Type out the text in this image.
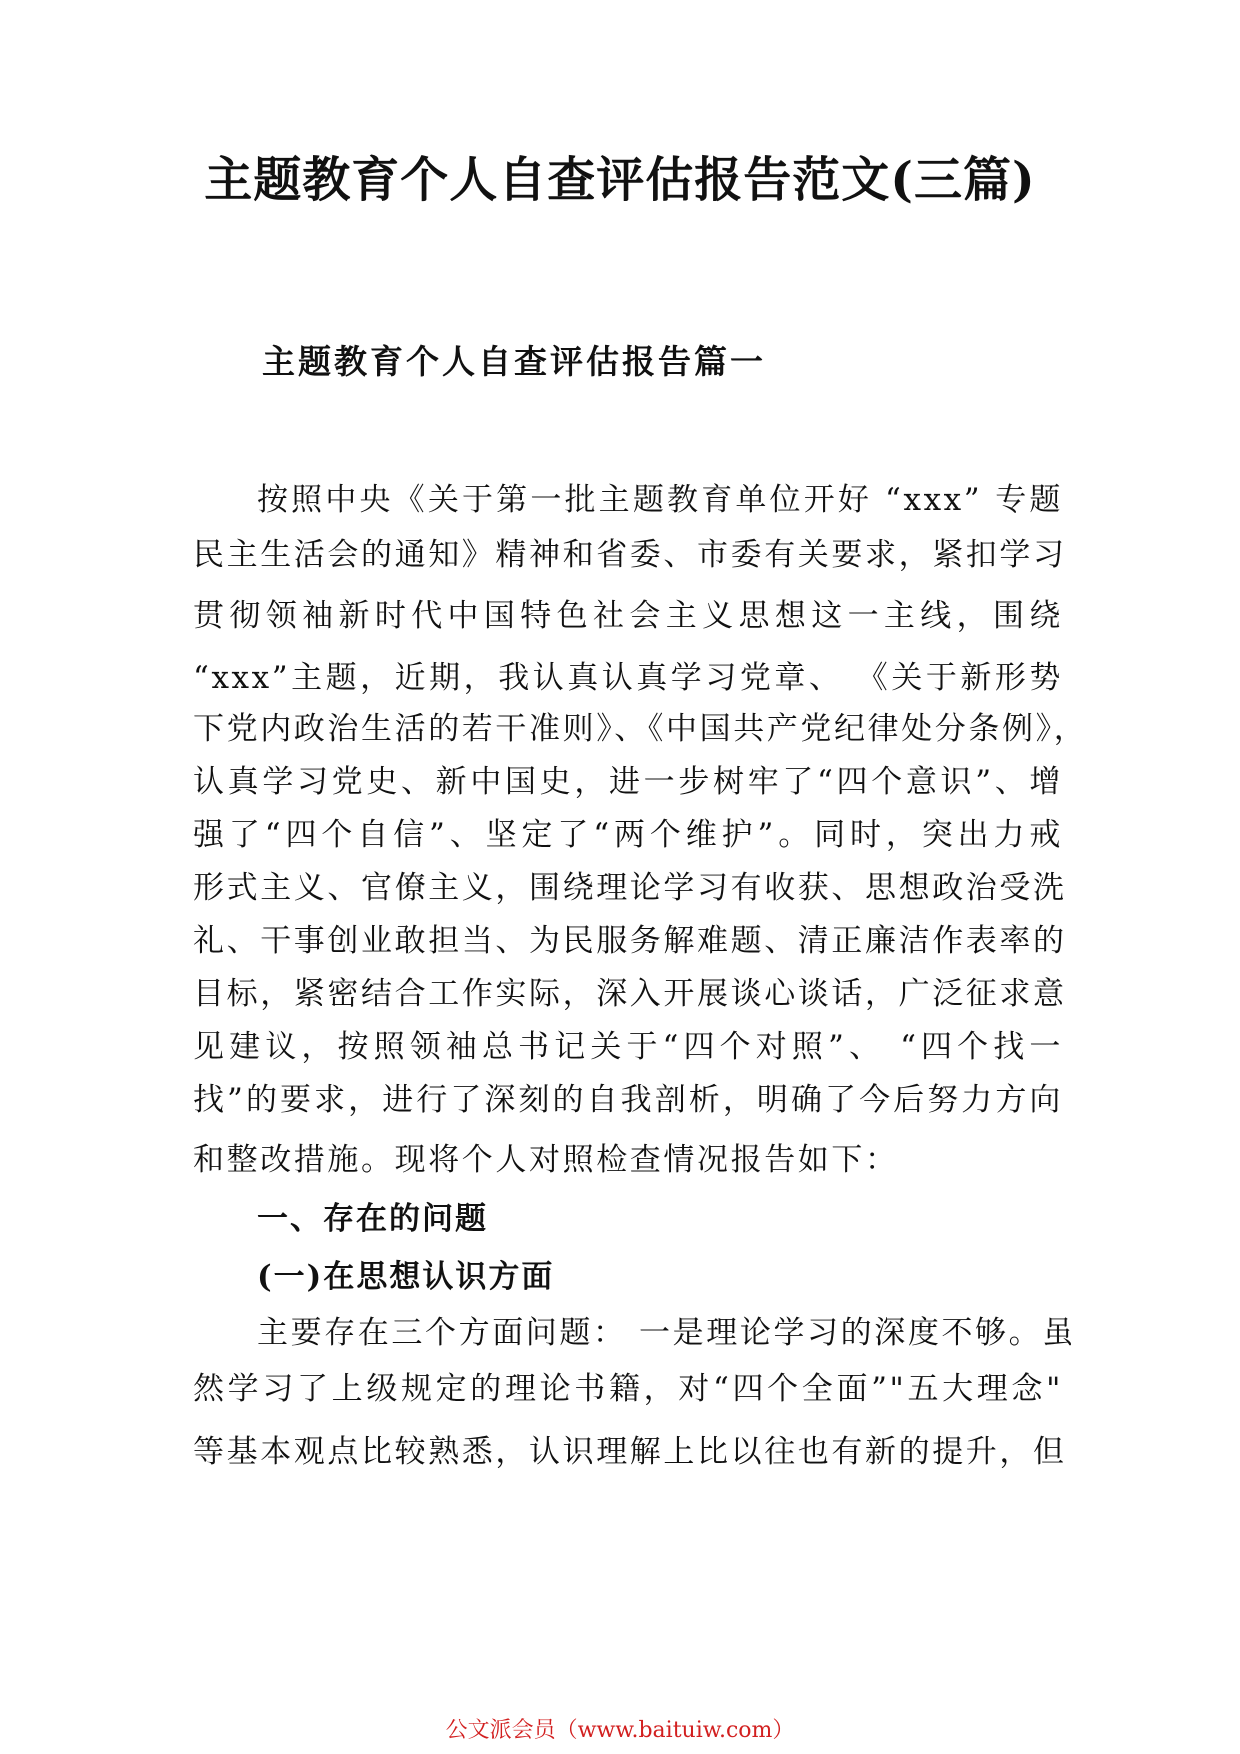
主题教育个人自查评估报告范文(三篇)
主题教育个人自查评估报告篇一

按照中央《关于第一批主题教育单位开好 “xxx” 专题

民主生活会的通知》精神和省委、市委有关要求，紧扣学习

贯彻领袖新时代中国特色社会主义思想这一主线，围绕

“xxx”主题，近期，我认真认真学习党章、 《关于新形势

下党内政治生活的若干准则》、《中国共产党纪律处分条例》，

认真学习党史、新中国史，进一步树牢了“四个意识”、增

强了“四个自信”、坚定了“两个维护”。同时，突出力戒

形式主义、官僚主义，围绕理论学习有收获、思想政治受洗

礼、干事创业敢担当、为民服务解难题、清正廉洁作表率的

目标，紧密结合工作实际，深入开展谈心谈话，广泛征求意

见建议，按照领袖总书记关于“四个对照”、 “四个找一

找”的要求，进行了深刻的自我剖析，明确了今后努力方向

和整改措施。现将个人对照检查情况报告如下：

一、存在的问题
(一)在思想认识方面

主要存在三个方面问题： 一是理论学习的深度不够。虽

然学习了上级规定的理论书籍，对“四个全面”"五大理念"

等基本观点比较熟悉，认识理解上比以往也有新的提升，但

公文派会员（www.baituiw.com）
